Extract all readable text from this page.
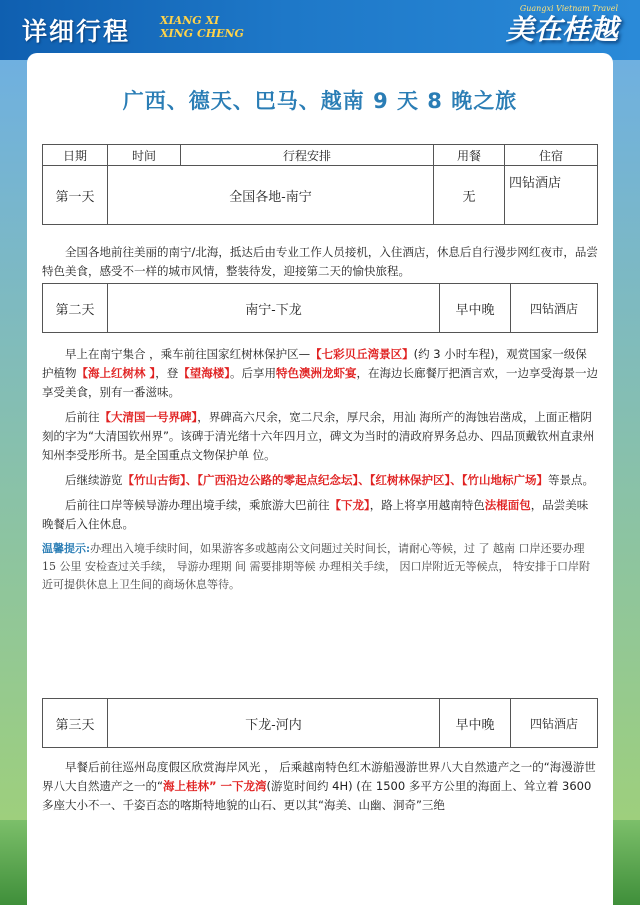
详细行程	XIANG XI
XING CHENG
Guangxi Vietnam Travel
美在桂越
广西、德天、巴马、越南 9 天 8 晚之旅
日期	时间	行程安排	用餐	住宿
第一天	全国各地-南宁		无	四钻酒店

全国各地前往美丽的南宁/北海，抵达后由专业工作人员接机，入住酒店，休息后自行漫步网红夜市，品尝 特色美食，感受不一样的城市风情，整装待发，迎接第二天的愉快旅程。

第二天	南宁-下龙	早中晚	四钻酒店

早上在南宁集合 ，乘车前往国家红树林保护区—【七彩贝丘湾景区】(约 3 小时车程)，观赏国家一级保护植物【海上红树林 】，登【望海楼】。后享用特色澳洲龙虾宴，在海边长廊餐厅把酒言欢，一边享受海景一边享受美食，别有一番滋味。

后前往【大清国一号界碑】，界碑高六尺余，宽二尺余，厚尺余，用汕 海所产的海蚀岩凿成，上面正楷阴刻的字为“大清国钦州界”。该碑于清光绪十六年四月立，碑文为当时的清政府界务总办、四品顶戴钦州直隶州知州李受彤所书。是全国重点文物保护单 位。

后继续游览【竹山古街】、【广西沿边公路的零起点纪念坛】、【红树林保护区】、【竹山地标广场】等景点。

后前往口岸等候导游办理出境手续，乘旅游大巴前往【下龙】，路上将享用越南特色法棍面包，品尝美味晚餐后入住休息。

温馨提示:办理出入境手续时间，如果游客多或越南公文问题过关时间长，请耐心等候，过 了 越南 口岸还要办理 15 公里 安检查过关手续， 导游办理期 间 需要排期等候 办理相关手续， 因口岸附近无等候点， 特安排于口岸附近可提供休息上卫生间的商场休息等待。

第三天	下龙-河内	早中晚	四钻酒店

早餐后前往巡州岛度假区欣赏海岸风光 ， 后乘越南特色红木游船漫游世界八大自然遗产之一的“海漫游世界八大自然遗产之一的“海上桂林” 一下龙湾(游览时间约 4H) (在 1500 多平方公里的海面上、耸立着 3600 多座大小不一、千姿百态的喀斯特地貌的山石、更以其“海美、山幽、洞奇”三绝
